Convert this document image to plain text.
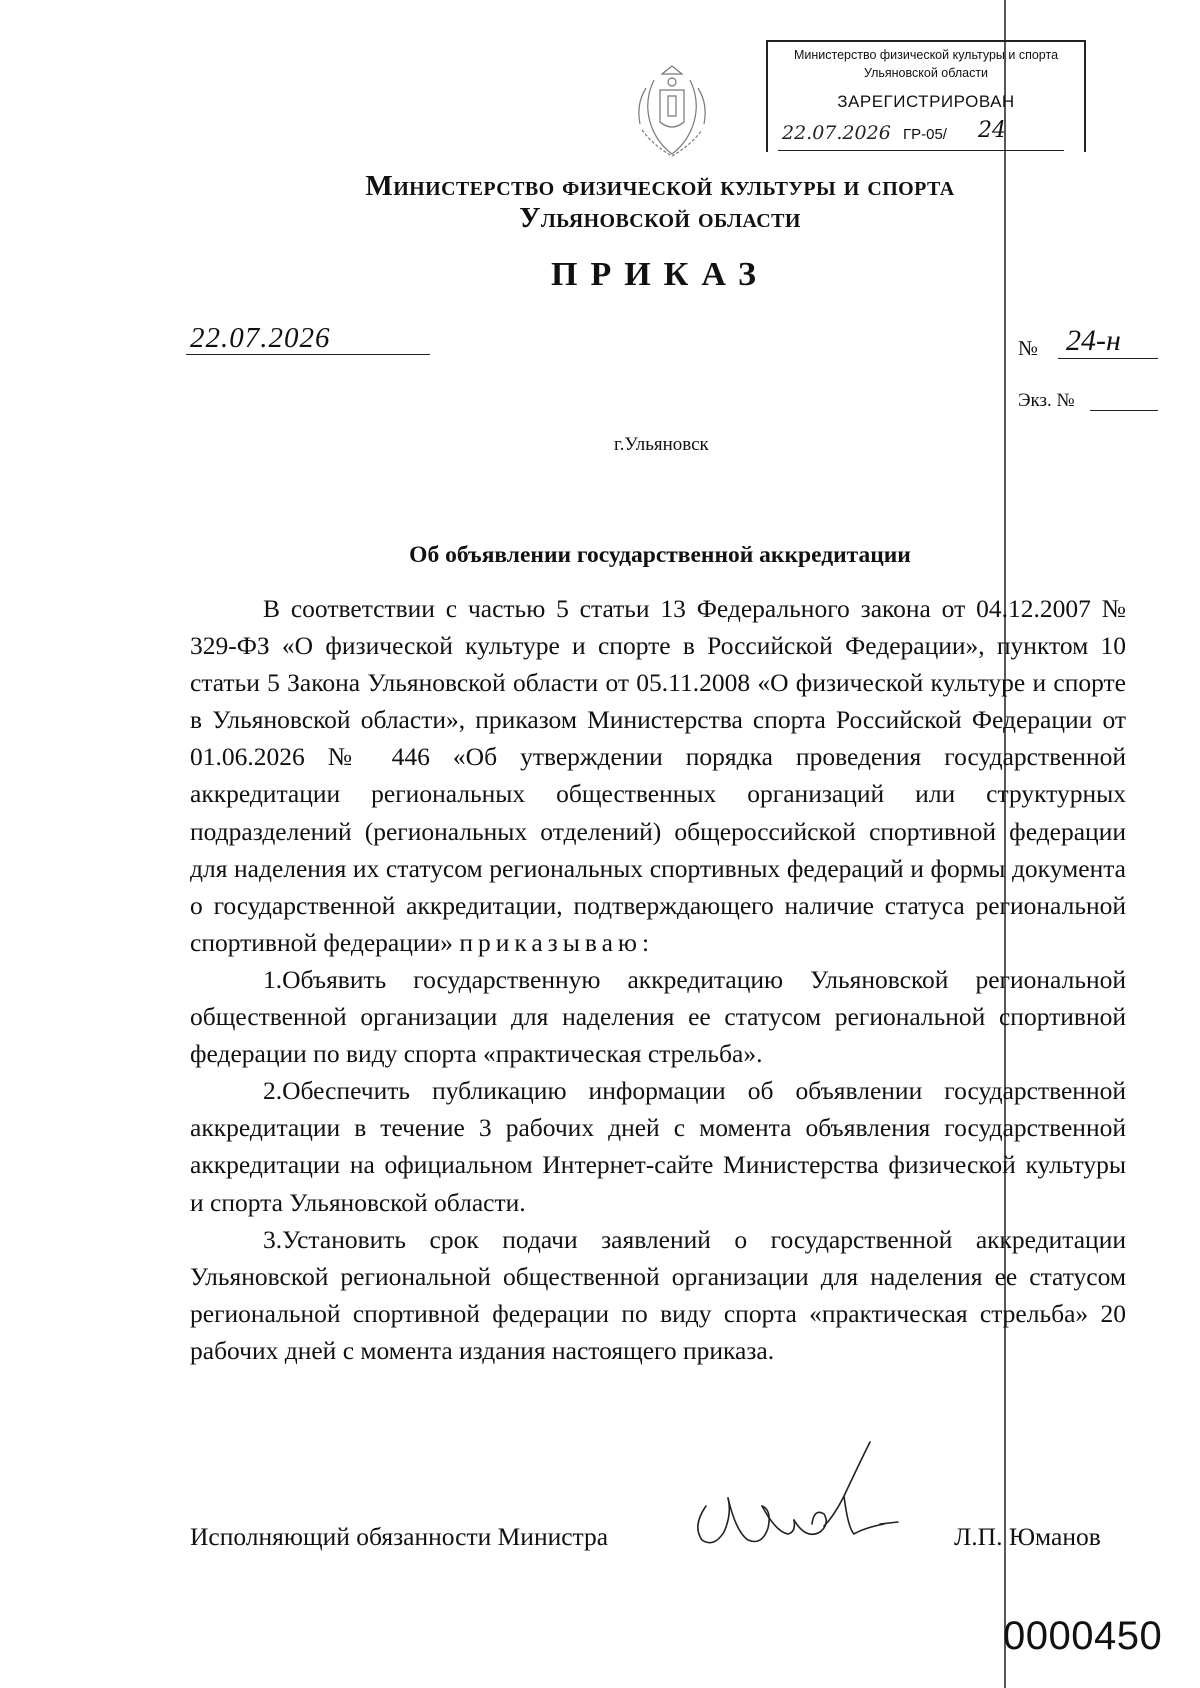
Министерство физической культуры и спорта
Ульяновской области
ЗАРЕГИСТРИРОВАН
22.07.2026 ГР-05/ 24
Министерство физической культуры и спорта
Ульяновской области
ПРИКАЗ
22.07.2026	№ 24-н
Экз. №
г.Ульяновск
Об объявлении государственной аккредитации

В соответствии с частью 5 статьи 13 Федерального закона от 04.12.2007 № 329-ФЗ «О физической культуре и спорте в Российской Федерации», пунктом 10 статьи 5 Закона Ульяновской области от 05.11.2008 «О физической культуре и спорте в Ульяновской области», приказом Министерства спорта Российской Федерации от 01.06.2026 № 446 «Об утверждении порядка проведения государственной аккредитации региональных общественных организаций или структурных подразделений (региональных отделений) общероссийской спортивной федерации для наделения их статусом региональных спортивных федераций и формы документа о государственной аккредитации, подтверждающего наличие статуса региональной спортивной федерации» приказываю:

1.Объявить государственную аккредитацию Ульяновской региональной общественной организации для наделения ее статусом региональной спортивной федерации по виду спорта «практическая стрельба».

2.Обеспечить публикацию информации об объявлении государственной аккредитации в течение 3 рабочих дней с момента объявления государственной аккредитации на официальном Интернет-сайте Министерства физической культуры и спорта Ульяновской области.

3.Установить срок подачи заявлений о государственной аккредитации Ульяновской региональной общественной организации для наделения ее статусом региональной спортивной федерации по виду спорта «практическая стрельба» 20 рабочих дней с момента издания настоящего приказа.

Исполняющий обязанности Министра	Л.П. Юманов
0000450
